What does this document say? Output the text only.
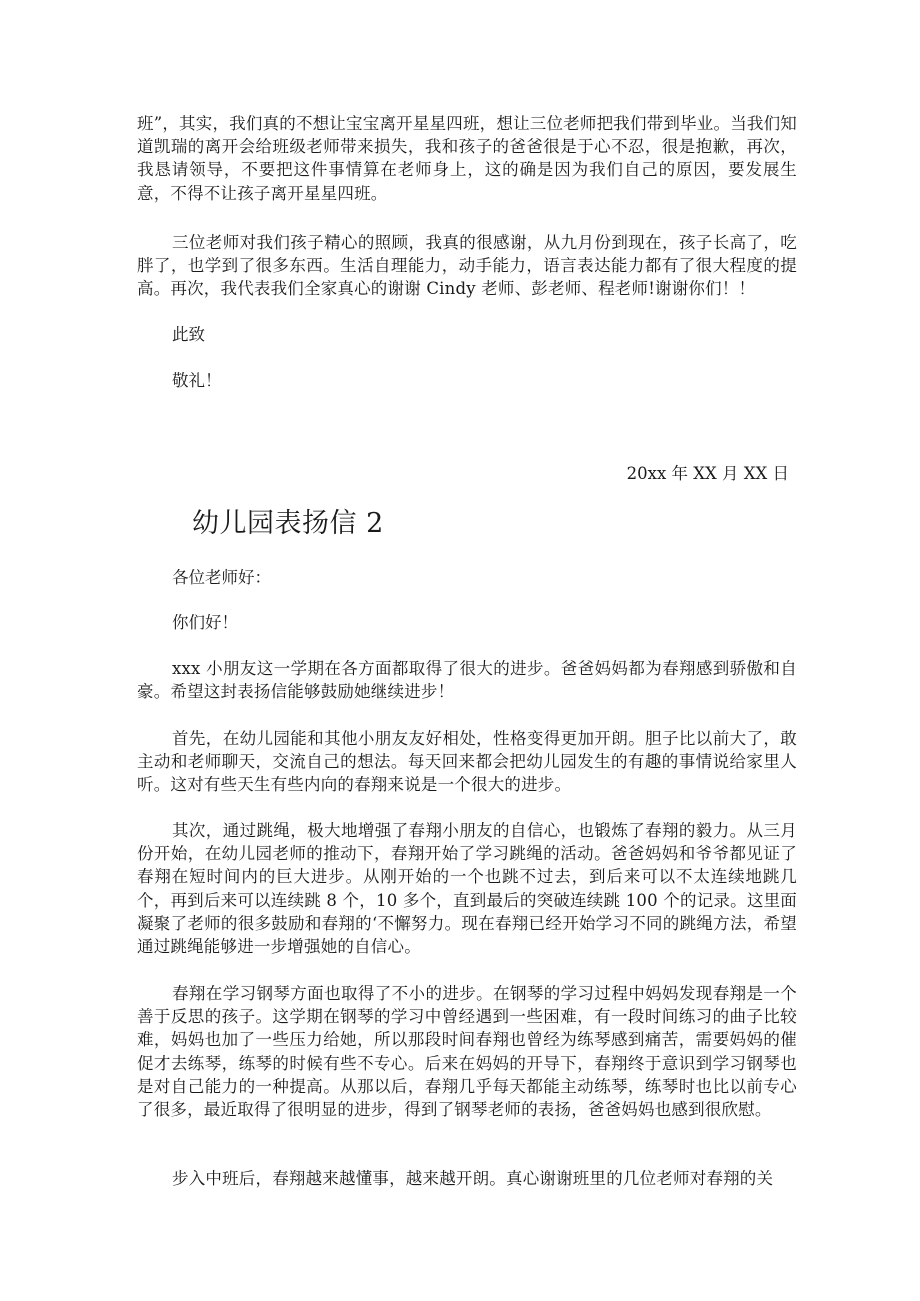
班”，其实，我们真的不想让宝宝离开星星四班，想让三位老师把我们带到毕业。当我们知道凯瑞的离开会给班级老师带来损失，我和孩子的爸爸很是于心不忍，很是抱歉，再次，我恳请领导，不要把这件事情算在老师身上，这的确是因为我们自己的原因，要发展生意，不得不让孩子离开星星四班。

三位老师对我们孩子精心的照顾，我真的很感谢，从九月份到现在，孩子长高了，吃胖了，也学到了很多东西。生活自理能力，动手能力，语言表达能力都有了很大程度的提高。再次，我代表我们全家真心的谢谢 Cindy 老师、彭老师、程老师!谢谢你们！！

此致

敬礼！

20xx 年 XX 月 XX 日

幼儿园表扬信 2

各位老师好：

你们好！

xxx 小朋友这一学期在各方面都取得了很大的进步。爸爸妈妈都为春翔感到骄傲和自豪。希望这封表扬信能够鼓励她继续进步！

首先，在幼儿园能和其他小朋友友好相处，性格变得更加开朗。胆子比以前大了，敢主动和老师聊天，交流自己的想法。每天回来都会把幼儿园发生的有趣的事情说给家里人听。这对有些天生有些内向的春翔来说是一个很大的进步。

其次，通过跳绳，极大地增强了春翔小朋友的自信心，也锻炼了春翔的毅力。从三月份开始，在幼儿园老师的推动下，春翔开始了学习跳绳的活动。爸爸妈妈和爷爷都见证了春翔在短时间内的巨大进步。从刚开始的一个也跳不过去，到后来可以不太连续地跳几个，再到后来可以连续跳 8 个，10 多个，直到最后的突破连续跳 100 个的记录。这里面凝聚了老师的很多鼓励和春翔的‘不懈努力。现在春翔已经开始学习不同的跳绳方法，希望通过跳绳能够进一步增强她的自信心。

春翔在学习钢琴方面也取得了不小的进步。在钢琴的学习过程中妈妈发现春翔是一个善于反思的孩子。这学期在钢琴的学习中曾经遇到一些困难，有一段时间练习的曲子比较难，妈妈也加了一些压力给她，所以那段时间春翔也曾经为练琴感到痛苦，需要妈妈的催促才去练琴，练琴的时候有些不专心。后来在妈妈的开导下，春翔终于意识到学习钢琴也是对自己能力的一种提高。从那以后，春翔几乎每天都能主动练琴，练琴时也比以前专心了很多，最近取得了很明显的进步，得到了钢琴老师的表扬，爸爸妈妈也感到很欣慰。

步入中班后，春翔越来越懂事，越来越开朗。真心谢谢班里的几位老师对春翔的关
